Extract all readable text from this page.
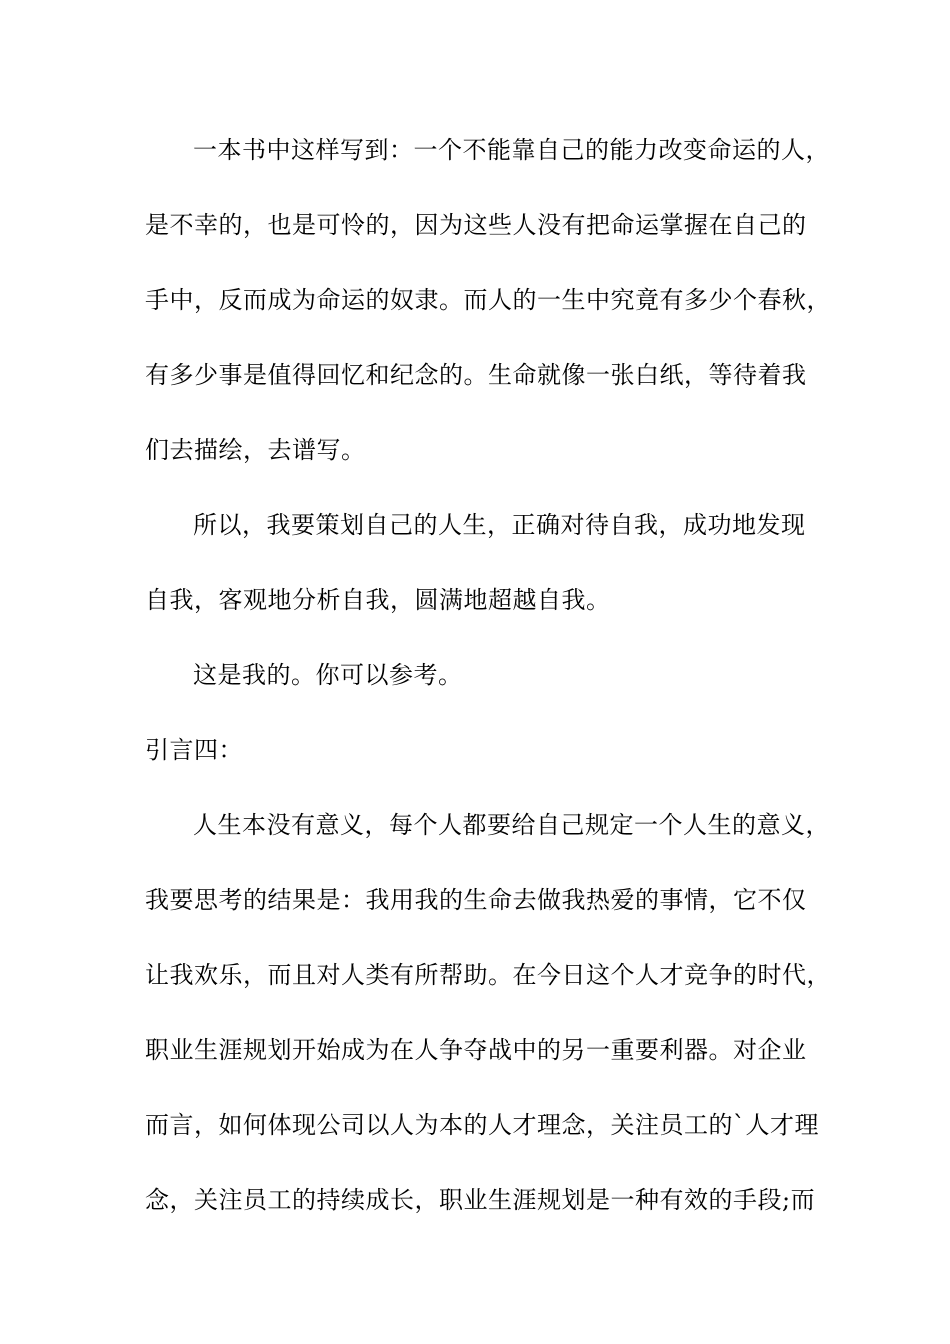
一本书中这样写到：一个不能靠自己的能力改变命运的人，
是不幸的，也是可怜的，因为这些人没有把命运掌握在自己的
手中，反而成为命运的奴隶。而人的一生中究竟有多少个春秋，
有多少事是值得回忆和纪念的。生命就像一张白纸，等待着我
们去描绘，去谱写。
所以，我要策划自己的人生，正确对待自我，成功地发现
自我，客观地分析自我，圆满地超越自我。
这是我的。你可以参考。
引言四：
人生本没有意义，每个人都要给自己规定一个人生的意义，
我要思考的结果是：我用我的生命去做我热爱的事情，它不仅
让我欢乐，而且对人类有所帮助。在今日这个人才竞争的时代，
职业生涯规划开始成为在人争夺战中的另一重要利器。对企业
而言，如何体现公司以人为本的人才理念，关注员工的`人才理
念，关注员工的持续成长，职业生涯规划是一种有效的手段;而
